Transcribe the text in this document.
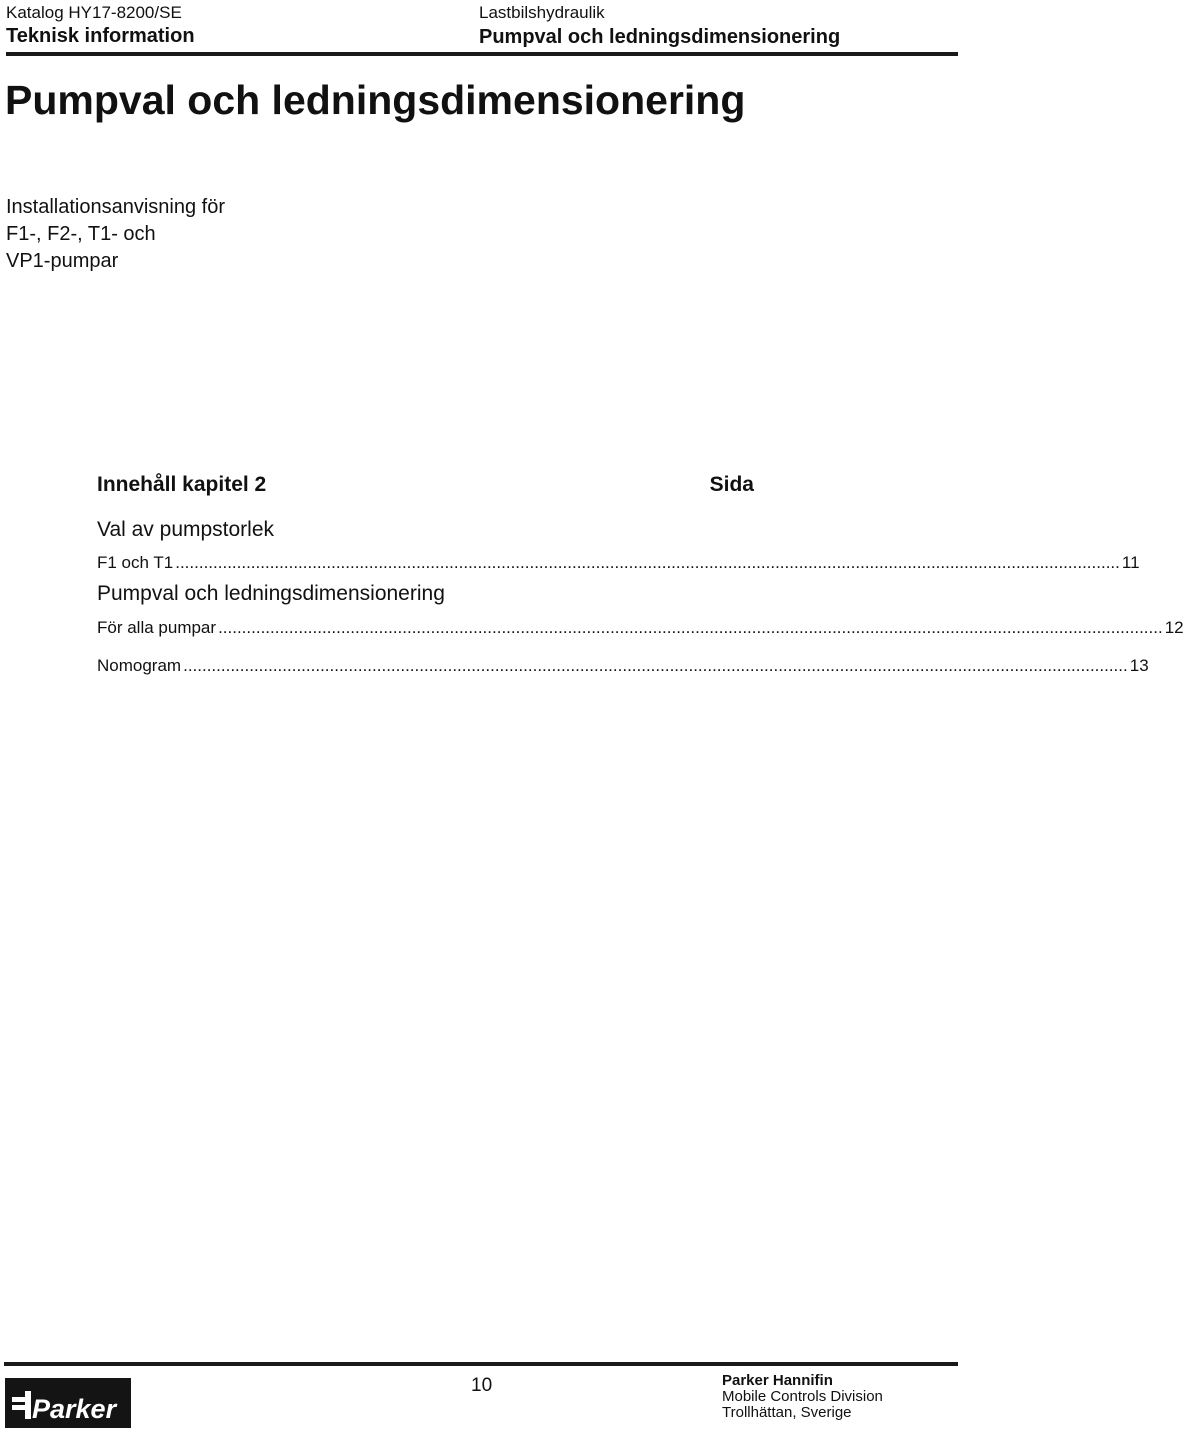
Katalog HY17-8200/SE
Teknisk information
Lastbilshydraulik
Pumpval och ledningsdimensionering
Pumpval och ledningsdimensionering
Installationsanvisning för
F1-, F2-, T1- och
VP1-pumpar
Innehåll kapitel 2	Sida
Val av pumpstorlek
F1 och T1 ........................................................................................................................................................................................................ 11
Pumpval och ledningsdimensionering
För alla pumpar ........................................................................................................................................................................................................ 12
Nomogram ........................................................................................................................................................................................................ 13
Parker
10	Parker Hannifin
Mobile Controls Division
Trollhättan, Sverige
